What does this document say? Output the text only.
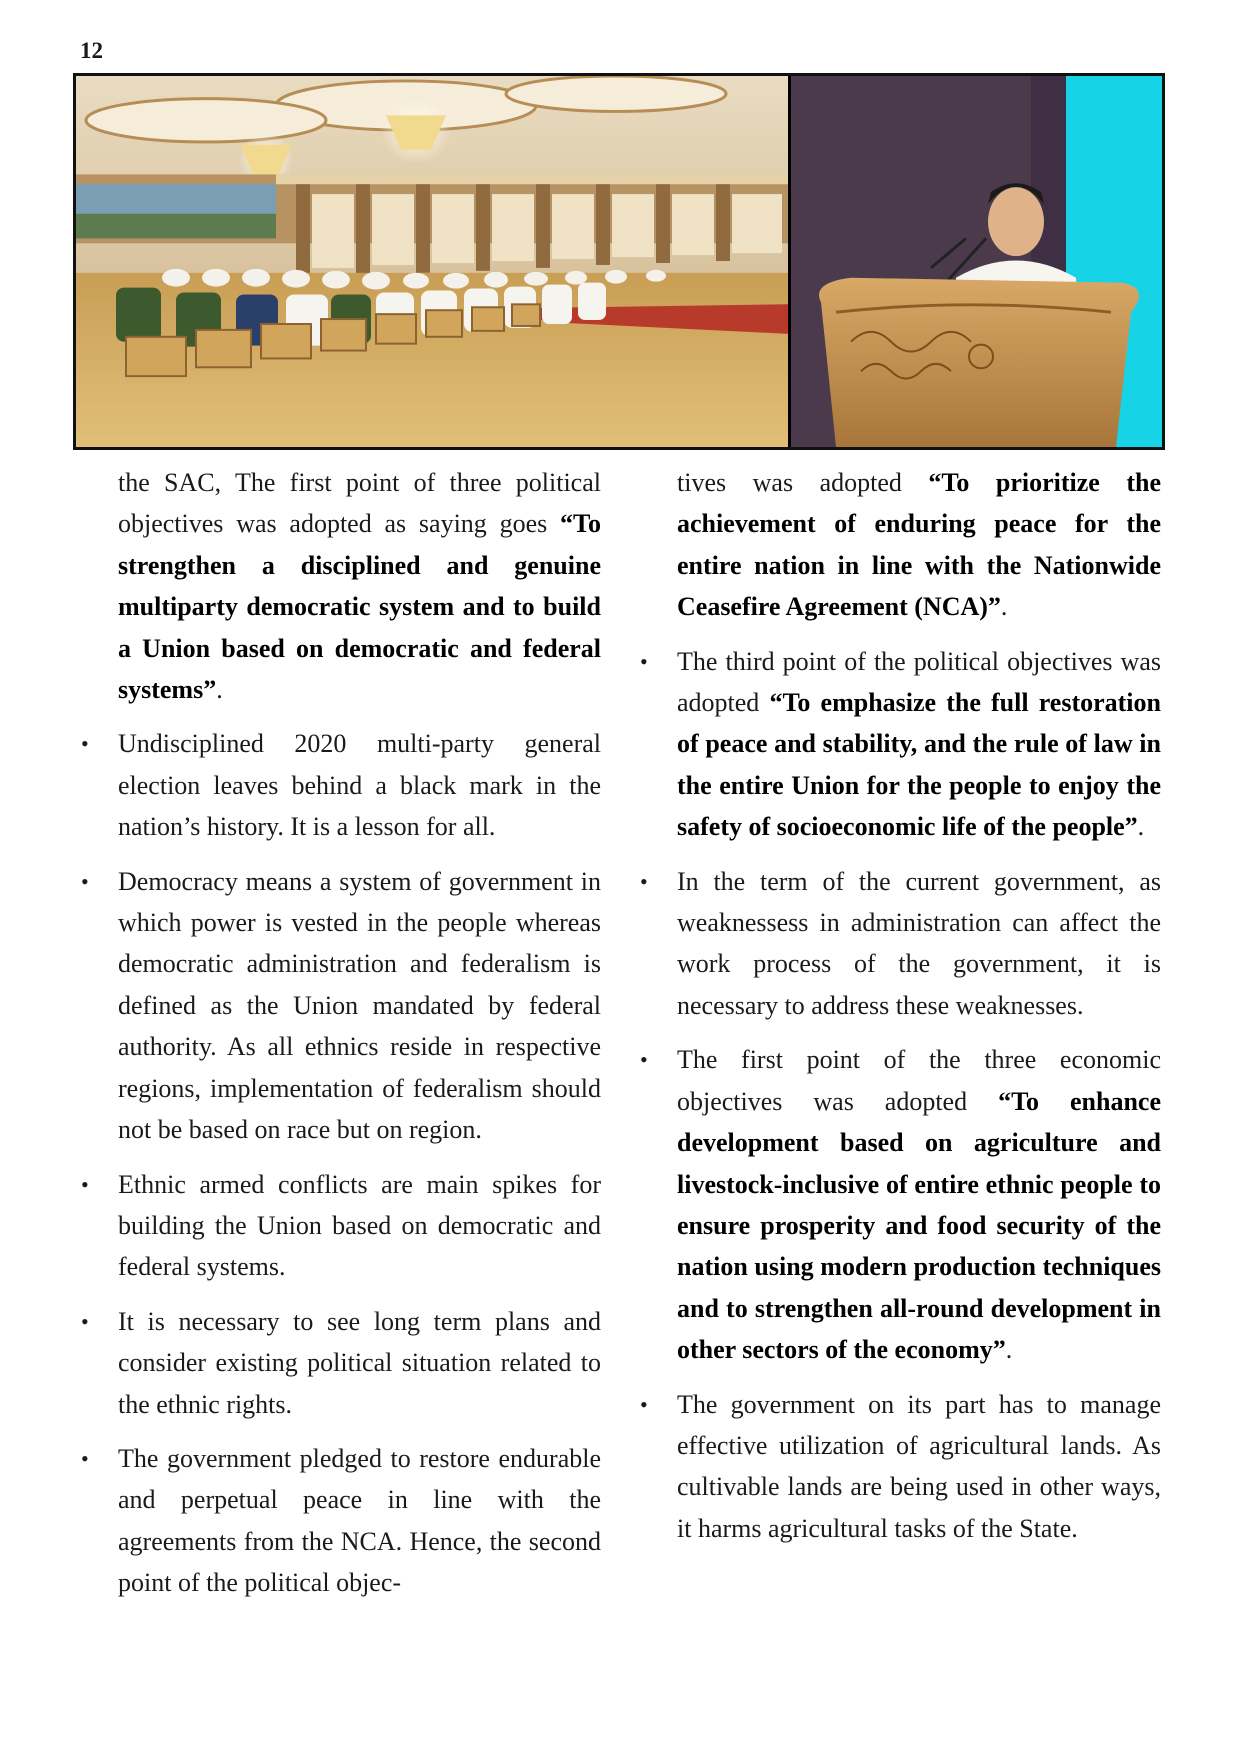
12

the SAC, The first point of three political objectives was adopted as saying goes “To strengthen a disciplined and genuine multiparty democratic system and to build a Union based on democratic and federal systems”.

• Undisciplined 2020 multi-party general election leaves behind a black mark in the nation’s history. It is a lesson for all.

• Democracy means a system of government in which power is vested in the people whereas democratic administration and federalism is defined as the Union mandated by federal authority. As all ethnics reside in respective regions, implementation of federalism should not be based on race but on region.

• Ethnic armed conflicts are main spikes for building the Union based on democratic and federal systems.

• It is necessary to see long term plans and consider existing political situation related to the ethnic rights.

• The government pledged to restore endurable and perpetual peace in line with the agreements from the NCA. Hence, the second point of the political objec-

tives was adopted “To prioritize the achievement of enduring peace for the entire nation in line with the Nationwide Ceasefire Agreement (NCA)”.

• The third point of the political objectives was adopted “To emphasize the full restoration of peace and stability, and the rule of law in the entire Union for the people to enjoy the safety of socioeconomic life of the people”.

• In the term of the current government, as weaknessess in administration can affect the work process of the government, it is necessary to address these weaknesses.

• The first point of the three economic objectives was adopted “To enhance development based on agriculture and livestock-inclusive of entire ethnic people to ensure prosperity and food security of the nation using modern production techniques and to strengthen all-round development in other sectors of the economy”.

• The government on its part has to manage effective utilization of agricultural lands. As cultivable lands are being used in other ways, it harms agricultural tasks of the State.
